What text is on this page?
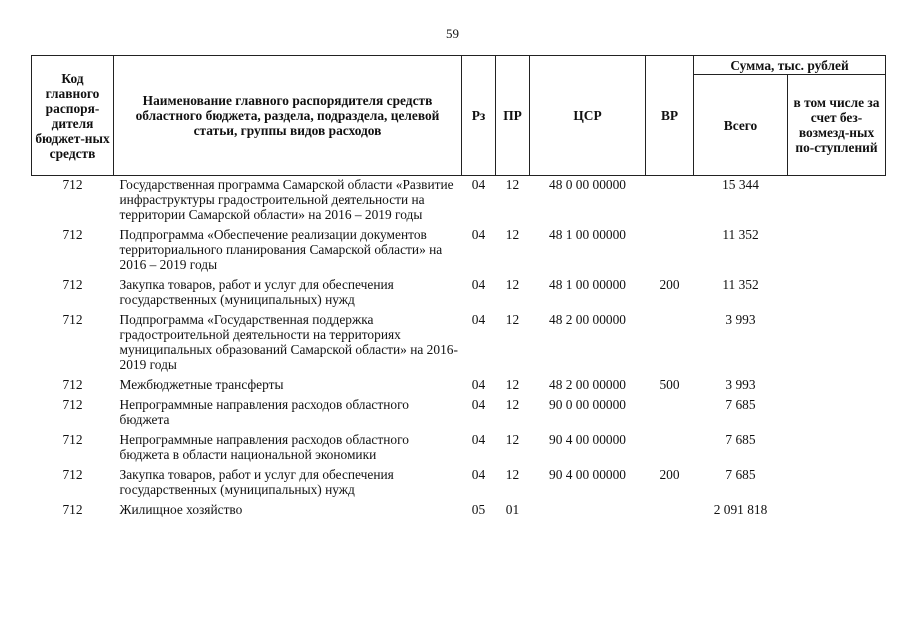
59
Код главного распоря-дителя бюджет-ных средств	Наименование главного распорядителя средств областного бюджета, раздела, подраздела, целевой статьи, группы видов расходов	Рз	ПР	ЦСР	ВР	Сумма, тыс. рублей	
						Всего	в том числе за счет без-возмезд-ных по-ступлений
712	Государственная программа Самарской области «Развитие инфраструктуры градостроительной деятельности на территории Самарской области» на 2016 – 2019 годы	04	12	48 0 00 00000		15 344	
712	Подпрограмма «Обеспечение реализации документов территориального планирования Самарской области» на 2016 – 2019 годы	04	12	48 1 00 00000		11 352	
712	Закупка товаров, работ и услуг для обеспечения государственных (муниципальных) нужд	04	12	48 1 00 00000	200	11 352	
712	Подпрограмма «Государственная поддержка градостроительной деятельности на территориях муниципальных образований Самарской области» на 2016-2019 годы	04	12	48 2 00 00000		3 993	
712	Межбюджетные трансферты	04	12	48 2 00 00000	500	3 993	
712	Непрограммные направления расходов областного бюджета	04	12	90 0 00 00000		7 685	
712	Непрограммные направления расходов областного бюджета в области национальной экономики	04	12	90 4 00 00000		7 685	
712	Закупка товаров, работ и услуг для обеспечения государственных (муниципальных) нужд	04	12	90 4 00 00000	200	7 685	
712	Жилищное хозяйство	05	01			2 091 818	
